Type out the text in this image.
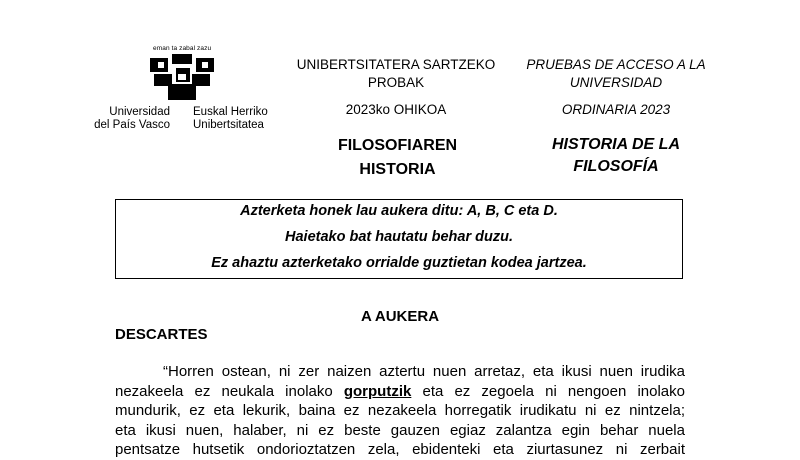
eman ta zabal zazu
Universidad
del País Vasco
Euskal Herriko
Unibertsitatea
UNIBERTSITATERA SARTZEKO
PROBAK
2023ko OHIKOA
FILOSOFIAREN
HISTORIA
PRUEBAS DE ACCESO A LA
UNIVERSIDAD
ORDINARIA 2023
HISTORIA DE LA
FILOSOFÍA
Azterketa honek lau aukera ditu: A, B, C eta D.
Haietako bat hautatu behar duzu.
Ez ahaztu azterketako orrialde guztietan kodea jartzea.
A AUKERA
DESCARTES
“Horren ostean, ni zer naizen aztertu nuen arretaz, eta ikusi nuen irudika
nezakeela ez neukala inolako gorputzik eta ez zegoela ni nengoen inolako
mundurik, ez eta lekurik, baina ez nezakeela horregatik irudikatu ni ez nintzela;
eta ikusi nuen, halaber, ni ez beste gauzen egiaz zalantza egin behar nuela
pentsatze hutsetik ondorioztatzen zela, ebidenteki eta ziurtasunez ni zerbait
